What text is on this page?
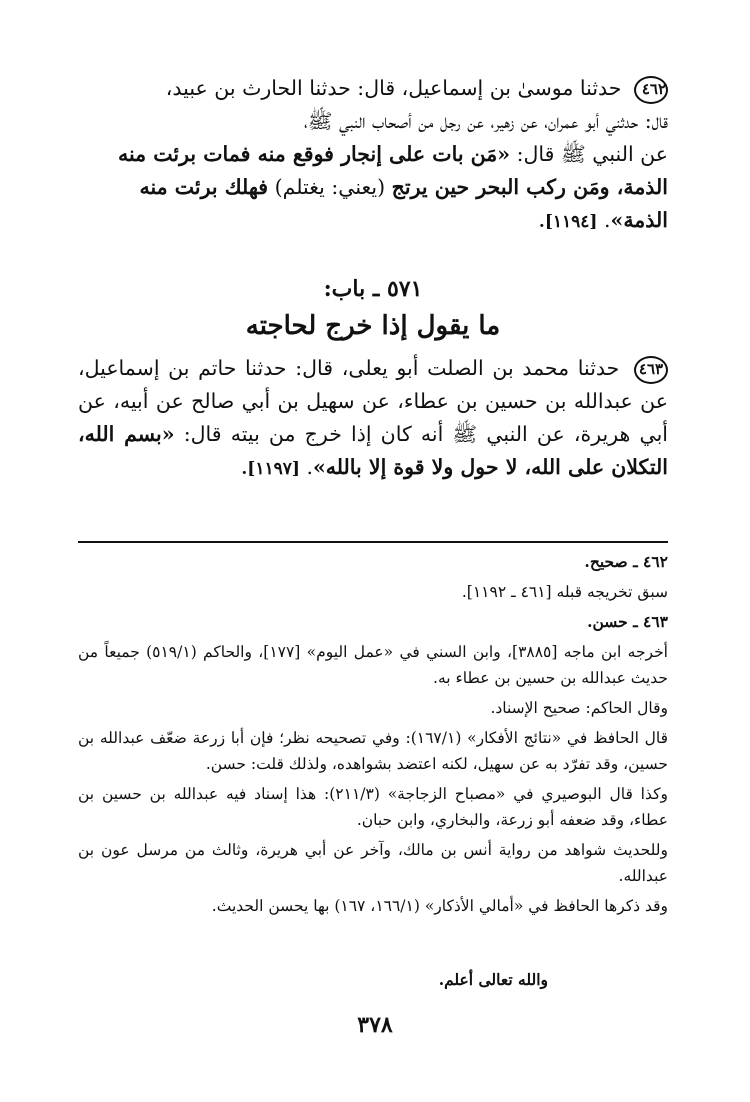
٤٦٢ حدثنا موسىٰ بن إسماعيل، قال: حدثنا الحارث بن عبيد،

قال: حدثني أبو عمران، عن زهير، عن رجل من أصحاب النبي ﷺ،

عن النبي ﷺ قال: «مَن بات على إنجار فوقع منه فمات برئت منه

الذمة، ومَن ركب البحر حين يرتج (يعني: يغتلم) فهلك برئت منه

الذمة». [١١٩٤].

٥٧١ ـ باب:
ما يقول إذا خرج لحاجته
٤٦٣ حدثنا محمد بن الصلت أبو يعلى، قال: حدثنا حاتم بن إسماعيل، عن عبدالله بن حسين بن عطاء، عن سهيل بن أبي صالح عن أبيه، عن أبي هريرة، عن النبي ﷺ أنه كان إذا خرج من بيته قال: «بسم الله، التكلان على الله، لا حول ولا قوة إلا بالله». [١١٩٧].

٤٦٢ ـ صحيح.

سبق تخريجه قبله [٤٦١ ـ ١١٩٢].

٤٦٣ ـ حسن.

أخرجه ابن ماجه [٣٨٨٥]، وابن السني في «عمل اليوم» [١٧٧]، والحاكم (٥١٩/١) جميعاً من حديث عبدالله بن حسين بن عطاء به.

وقال الحاكم: صحيح الإسناد.

قال الحافظ في «نتائج الأفكار» (١٦٧/١): وفي تصحيحه نظر؛ فإن أبا زرعة ضعّف عبدالله بن حسين، وقد تفرّد به عن سهيل، لكنه اعتضد بشواهده، ولذلك قلت: حسن.

وكذا قال البوصيري في «مصباح الزجاجة» (٢١١/٣): هذا إسناد فيه عبدالله بن حسين بن عطاء، وقد ضعفه أبو زرعة، والبخاري، وابن حبان.

وللحديث شواهد من رواية أنس بن مالك، وآخر عن أبي هريرة، وثالث من مرسل عون بن عبدالله.

وقد ذكرها الحافظ في «أمالي الأذكار» (١٦٦/١، ١٦٧) بها يحسن الحديث.

والله تعالى أعلم.
٣٧٨
